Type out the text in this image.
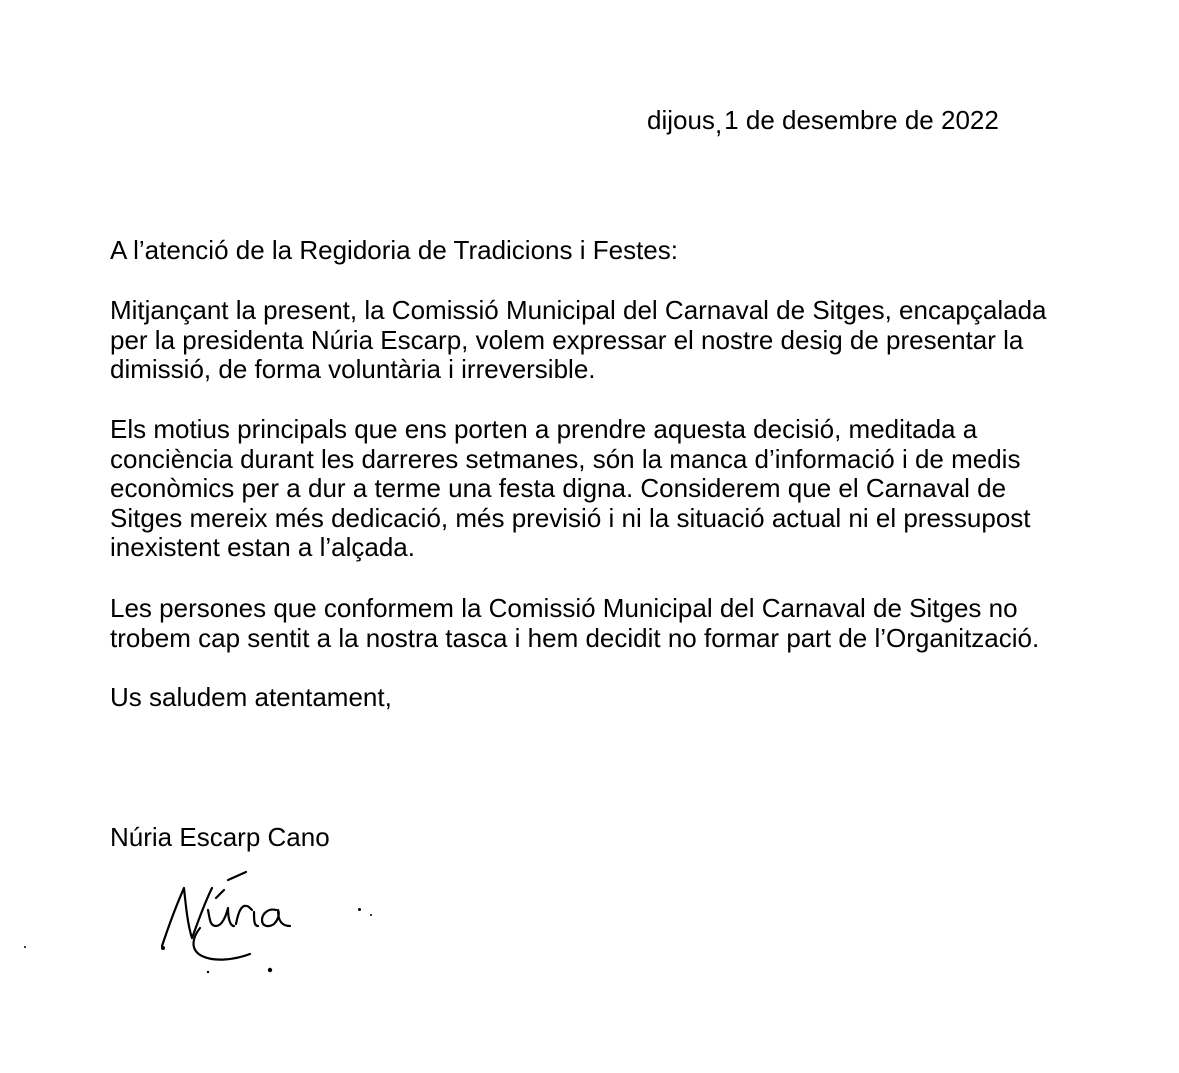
dijous,1 de desembre de 2022

A l’atenció de la Regidoria de Tradicions i Festes:

Mitjançant la present, la Comissió Municipal del Carnaval de Sitges, encapçalada
per la presidenta Núria Escarp, volem expressar el nostre desig de presentar la
dimissió, de forma voluntària i irreversible.

Els motius principals que ens porten a prendre aquesta decisió, meditada a
conciència durant les darreres setmanes, són la manca d’informació i de medis
econòmics per a dur a terme una festa digna. Considerem que el Carnaval de
Sitges mereix més dedicació, més previsió i ni la situació actual ni el pressupost
inexistent estan a l’alçada.

Les persones que conformem la Comissió Municipal del Carnaval de Sitges no
trobem cap sentit a la nostra tasca i hem decidit no formar part de l’Organització.

Us saludem atentament,

Núria Escarp Cano
